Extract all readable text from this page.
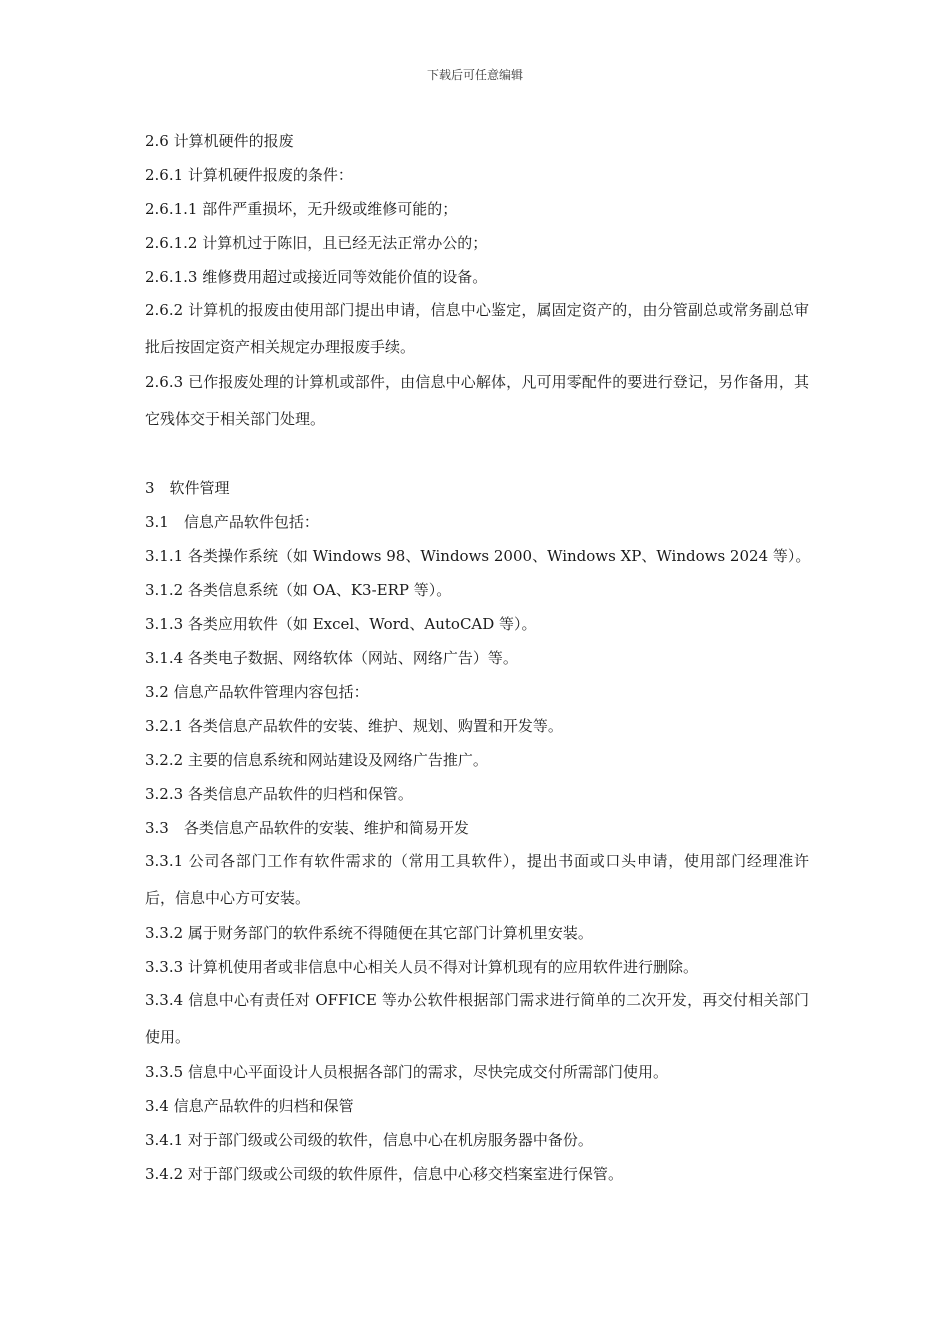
下载后可任意编辑

2.6 计算机硬件的报废

2.6.1 计算机硬件报废的条件：

2.6.1.1 部件严重损坏，无升级或维修可能的；

2.6.1.2 计算机过于陈旧，且已经无法正常办公的；

2.6.1.3 维修费用超过或接近同等效能价值的设备。

2.6.2 计算机的报废由使用部门提出申请，信息中心鉴定，属固定资产的，由分管副总或常务副总审批后按固定资产相关规定办理报废手续。

2.6.3 已作报废处理的计算机或部件，由信息中心解体，凡可用零配件的要进行登记，另作备用，其它残体交于相关部门处理。

3　软件管理

3.1　信息产品软件包括：

3.1.1 各类操作系统（如 Windows 98、Windows 2000、Windows XP、Windows 2024 等）。

3.1.2 各类信息系统（如 OA、K3-ERP 等）。

3.1.3 各类应用软件（如 Excel、Word、AutoCAD 等）。

3.1.4 各类电子数据、网络软体（网站、网络广告）等。

3.2 信息产品软件管理内容包括：

3.2.1 各类信息产品软件的安装、维护、规划、购置和开发等。

3.2.2 主要的信息系统和网站建设及网络广告推广。

3.2.3 各类信息产品软件的归档和保管。

3.3　各类信息产品软件的安装、维护和简易开发

3.3.1 公司各部门工作有软件需求的（常用工具软件），提出书面或口头申请，使用部门经理准许后，信息中心方可安装。

3.3.2 属于财务部门的软件系统不得随便在其它部门计算机里安装。

3.3.3 计算机使用者或非信息中心相关人员不得对计算机现有的应用软件进行删除。

3.3.4 信息中心有责任对 OFFICE 等办公软件根据部门需求进行简单的二次开发，再交付相关部门使用。

3.3.5 信息中心平面设计人员根据各部门的需求，尽快完成交付所需部门使用。

3.4 信息产品软件的归档和保管

3.4.1 对于部门级或公司级的软件，信息中心在机房服务器中备份。

3.4.2 对于部门级或公司级的软件原件，信息中心移交档案室进行保管。
